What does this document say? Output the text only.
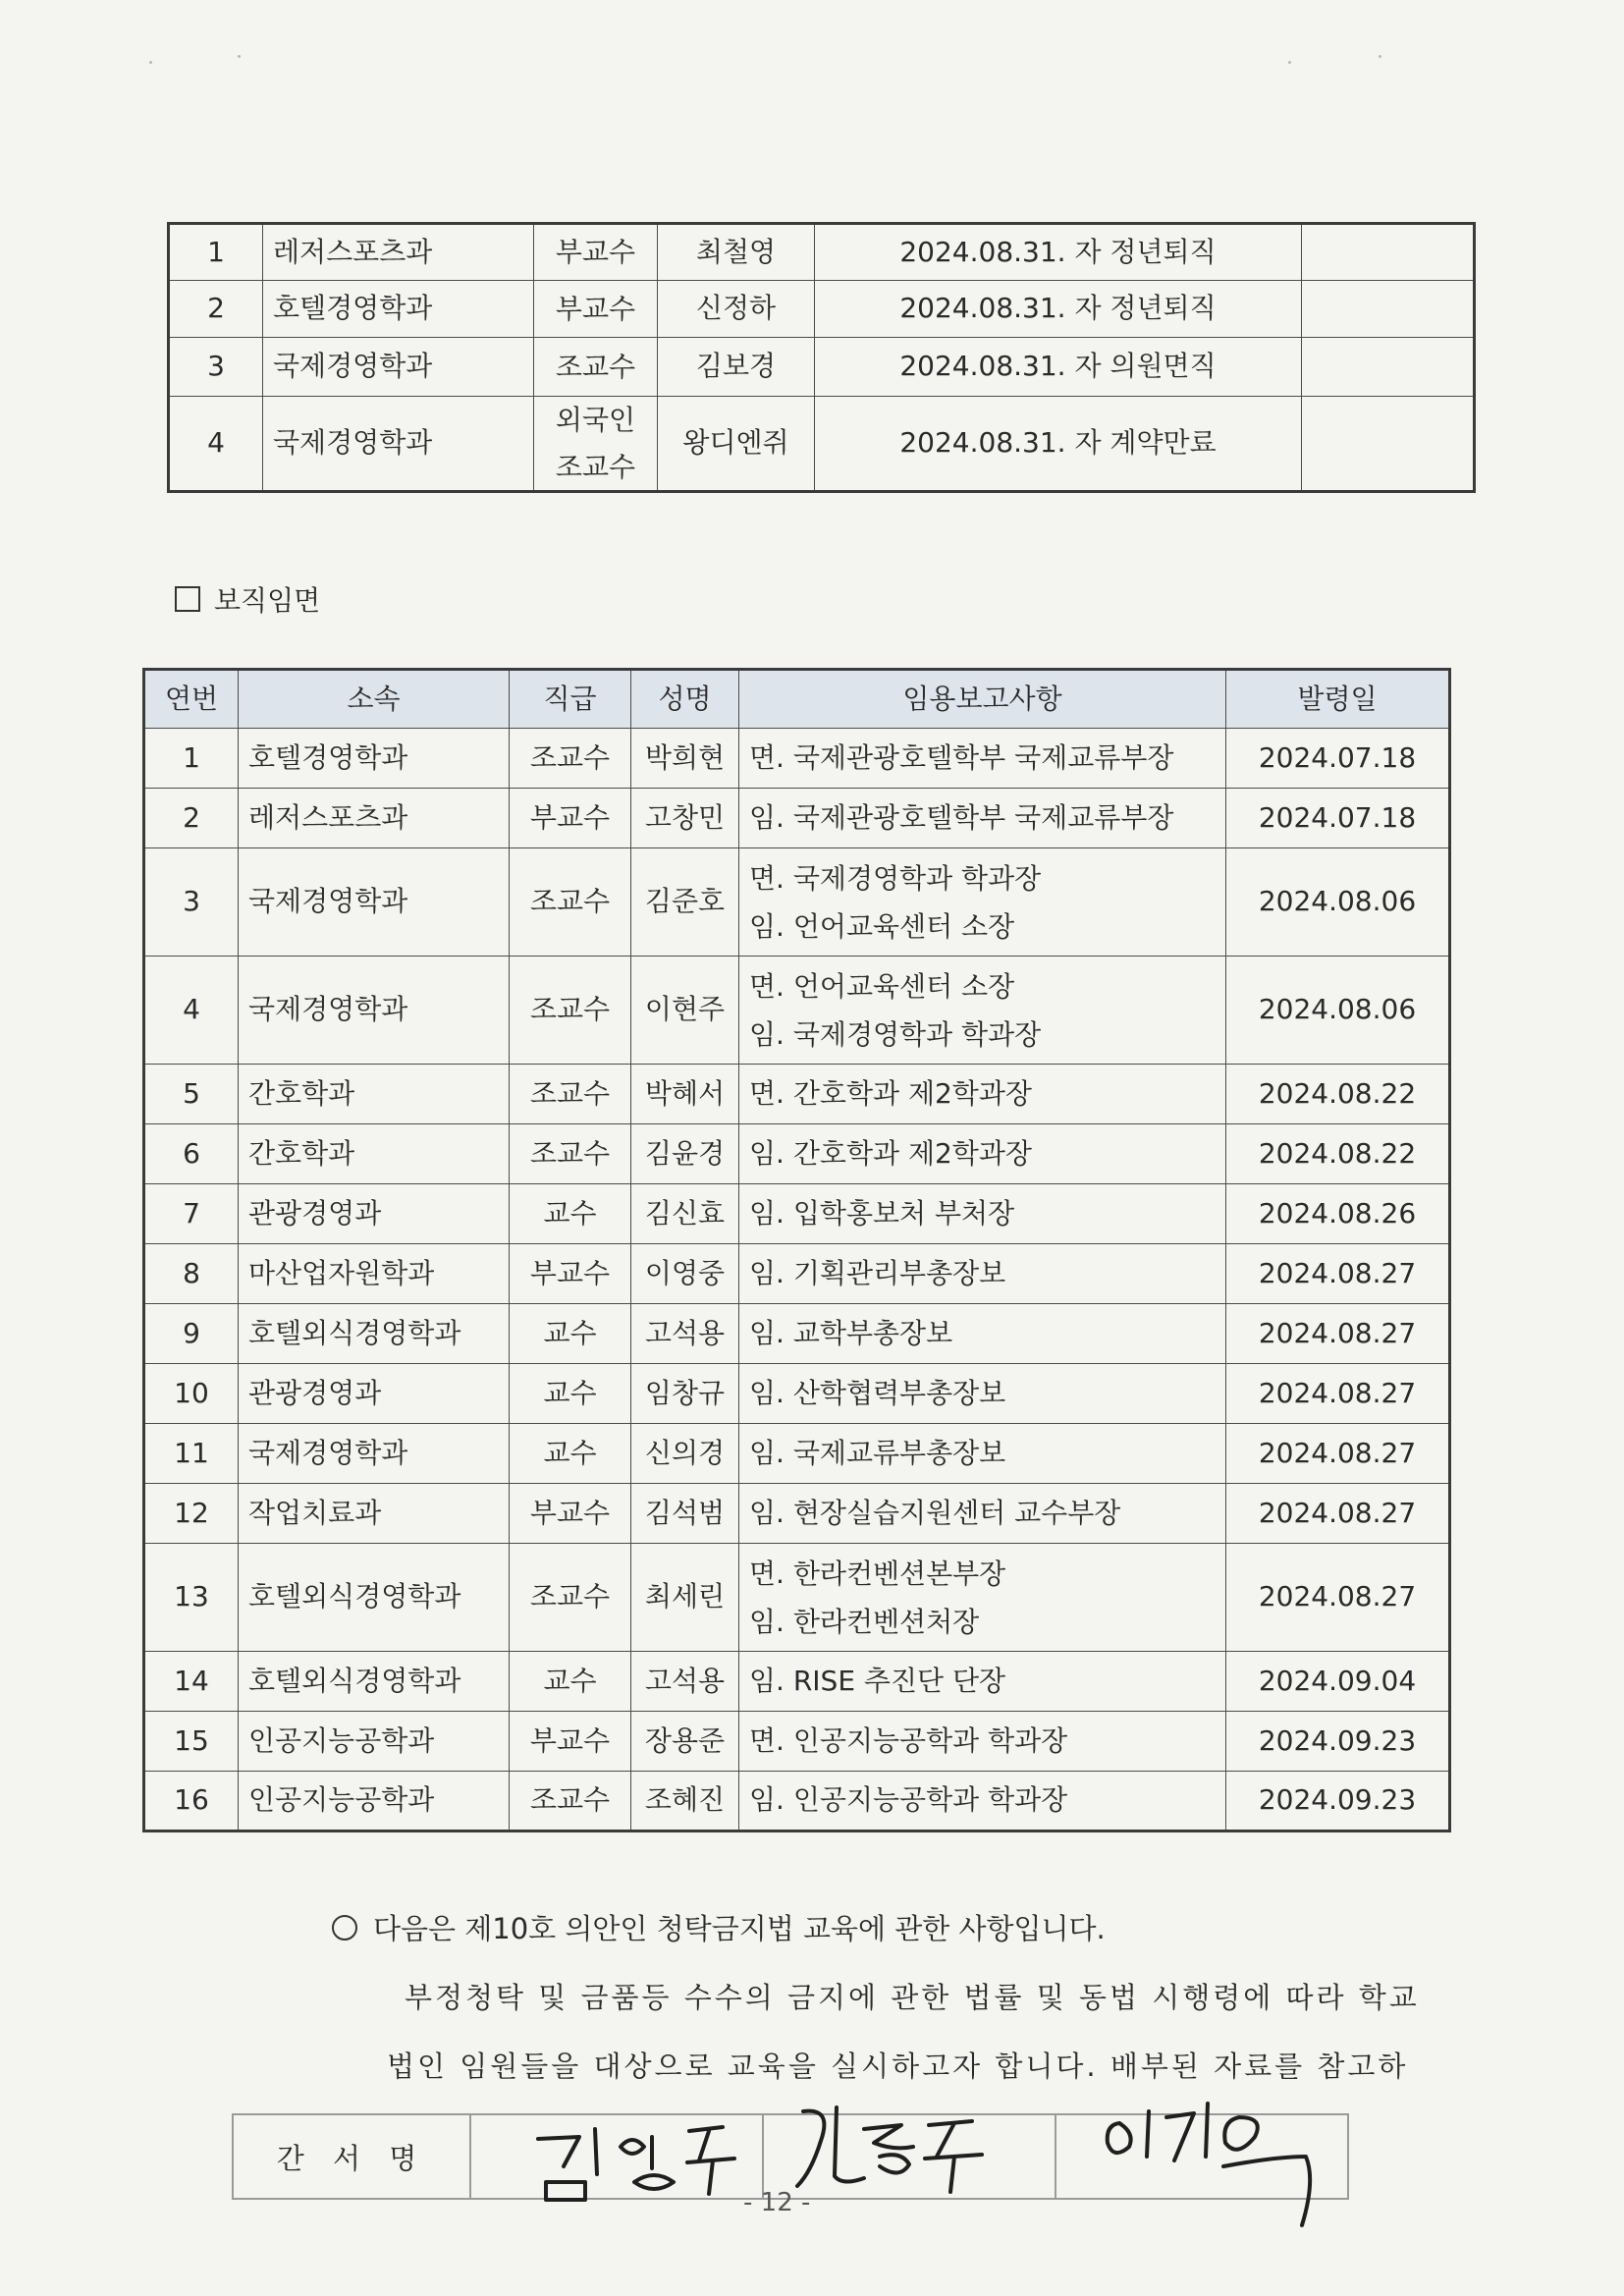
1	레저스포츠과	부교수	최철영	2024.08.31. 자 정년퇴직	
2	호텔경영학과	부교수	신정하	2024.08.31. 자 정년퇴직	
3	국제경영학과	조교수	김보경	2024.08.31. 자 의원면직	
4	국제경영학과	외국인 조교수	왕디엔쥐	2024.08.31. 자 계약만료	
보직임면
연번	소속	직급	성명	임용보고사항	발령일
1	호텔경영학과	조교수	박희현	면. 국제관광호텔학부 국제교류부장	2024.07.18
2	레저스포츠과	부교수	고창민	임. 국제관광호텔학부 국제교류부장	2024.07.18
3	국제경영학과	조교수	김준호	면. 국제경영학과 학과장
임. 언어교육센터 소장	2024.08.06
4	국제경영학과	조교수	이현주	면. 언어교육센터 소장
임. 국제경영학과 학과장	2024.08.06
5	간호학과	조교수	박혜서	면. 간호학과 제2학과장	2024.08.22
6	간호학과	조교수	김윤경	임. 간호학과 제2학과장	2024.08.22
7	관광경영과	교수	김신효	임. 입학홍보처 부처장	2024.08.26
8	마산업자원학과	부교수	이영중	임. 기획관리부총장보	2024.08.27
9	호텔외식경영학과	교수	고석용	임. 교학부총장보	2024.08.27
10	관광경영과	교수	임창규	임. 산학협력부총장보	2024.08.27
11	국제경영학과	교수	신의경	임. 국제교류부총장보	2024.08.27
12	작업치료과	부교수	김석범	임. 현장실습지원센터 교수부장	2024.08.27
13	호텔외식경영학과	조교수	최세린	면. 한라컨벤션본부장
임. 한라컨벤션처장	2024.08.27
14	호텔외식경영학과	교수	고석용	임. RISE 추진단 단장	2024.09.04
15	인공지능공학과	부교수	장용준	면. 인공지능공학과 학과장	2024.09.23
16	인공지능공학과	조교수	조혜진	임. 인공지능공학과 학과장	2024.09.23
다음은 제10호 의안인 청탁금지법 교육에 관한 사항입니다.
부정청탁 및 금품등 수수의 금지에 관한 법률 및 동법 시행령에 따라 학교
법인 임원들을 대상으로 교육을 실시하고자 합니다. 배부된 자료를 참고하
간 서 명
- 12 -
